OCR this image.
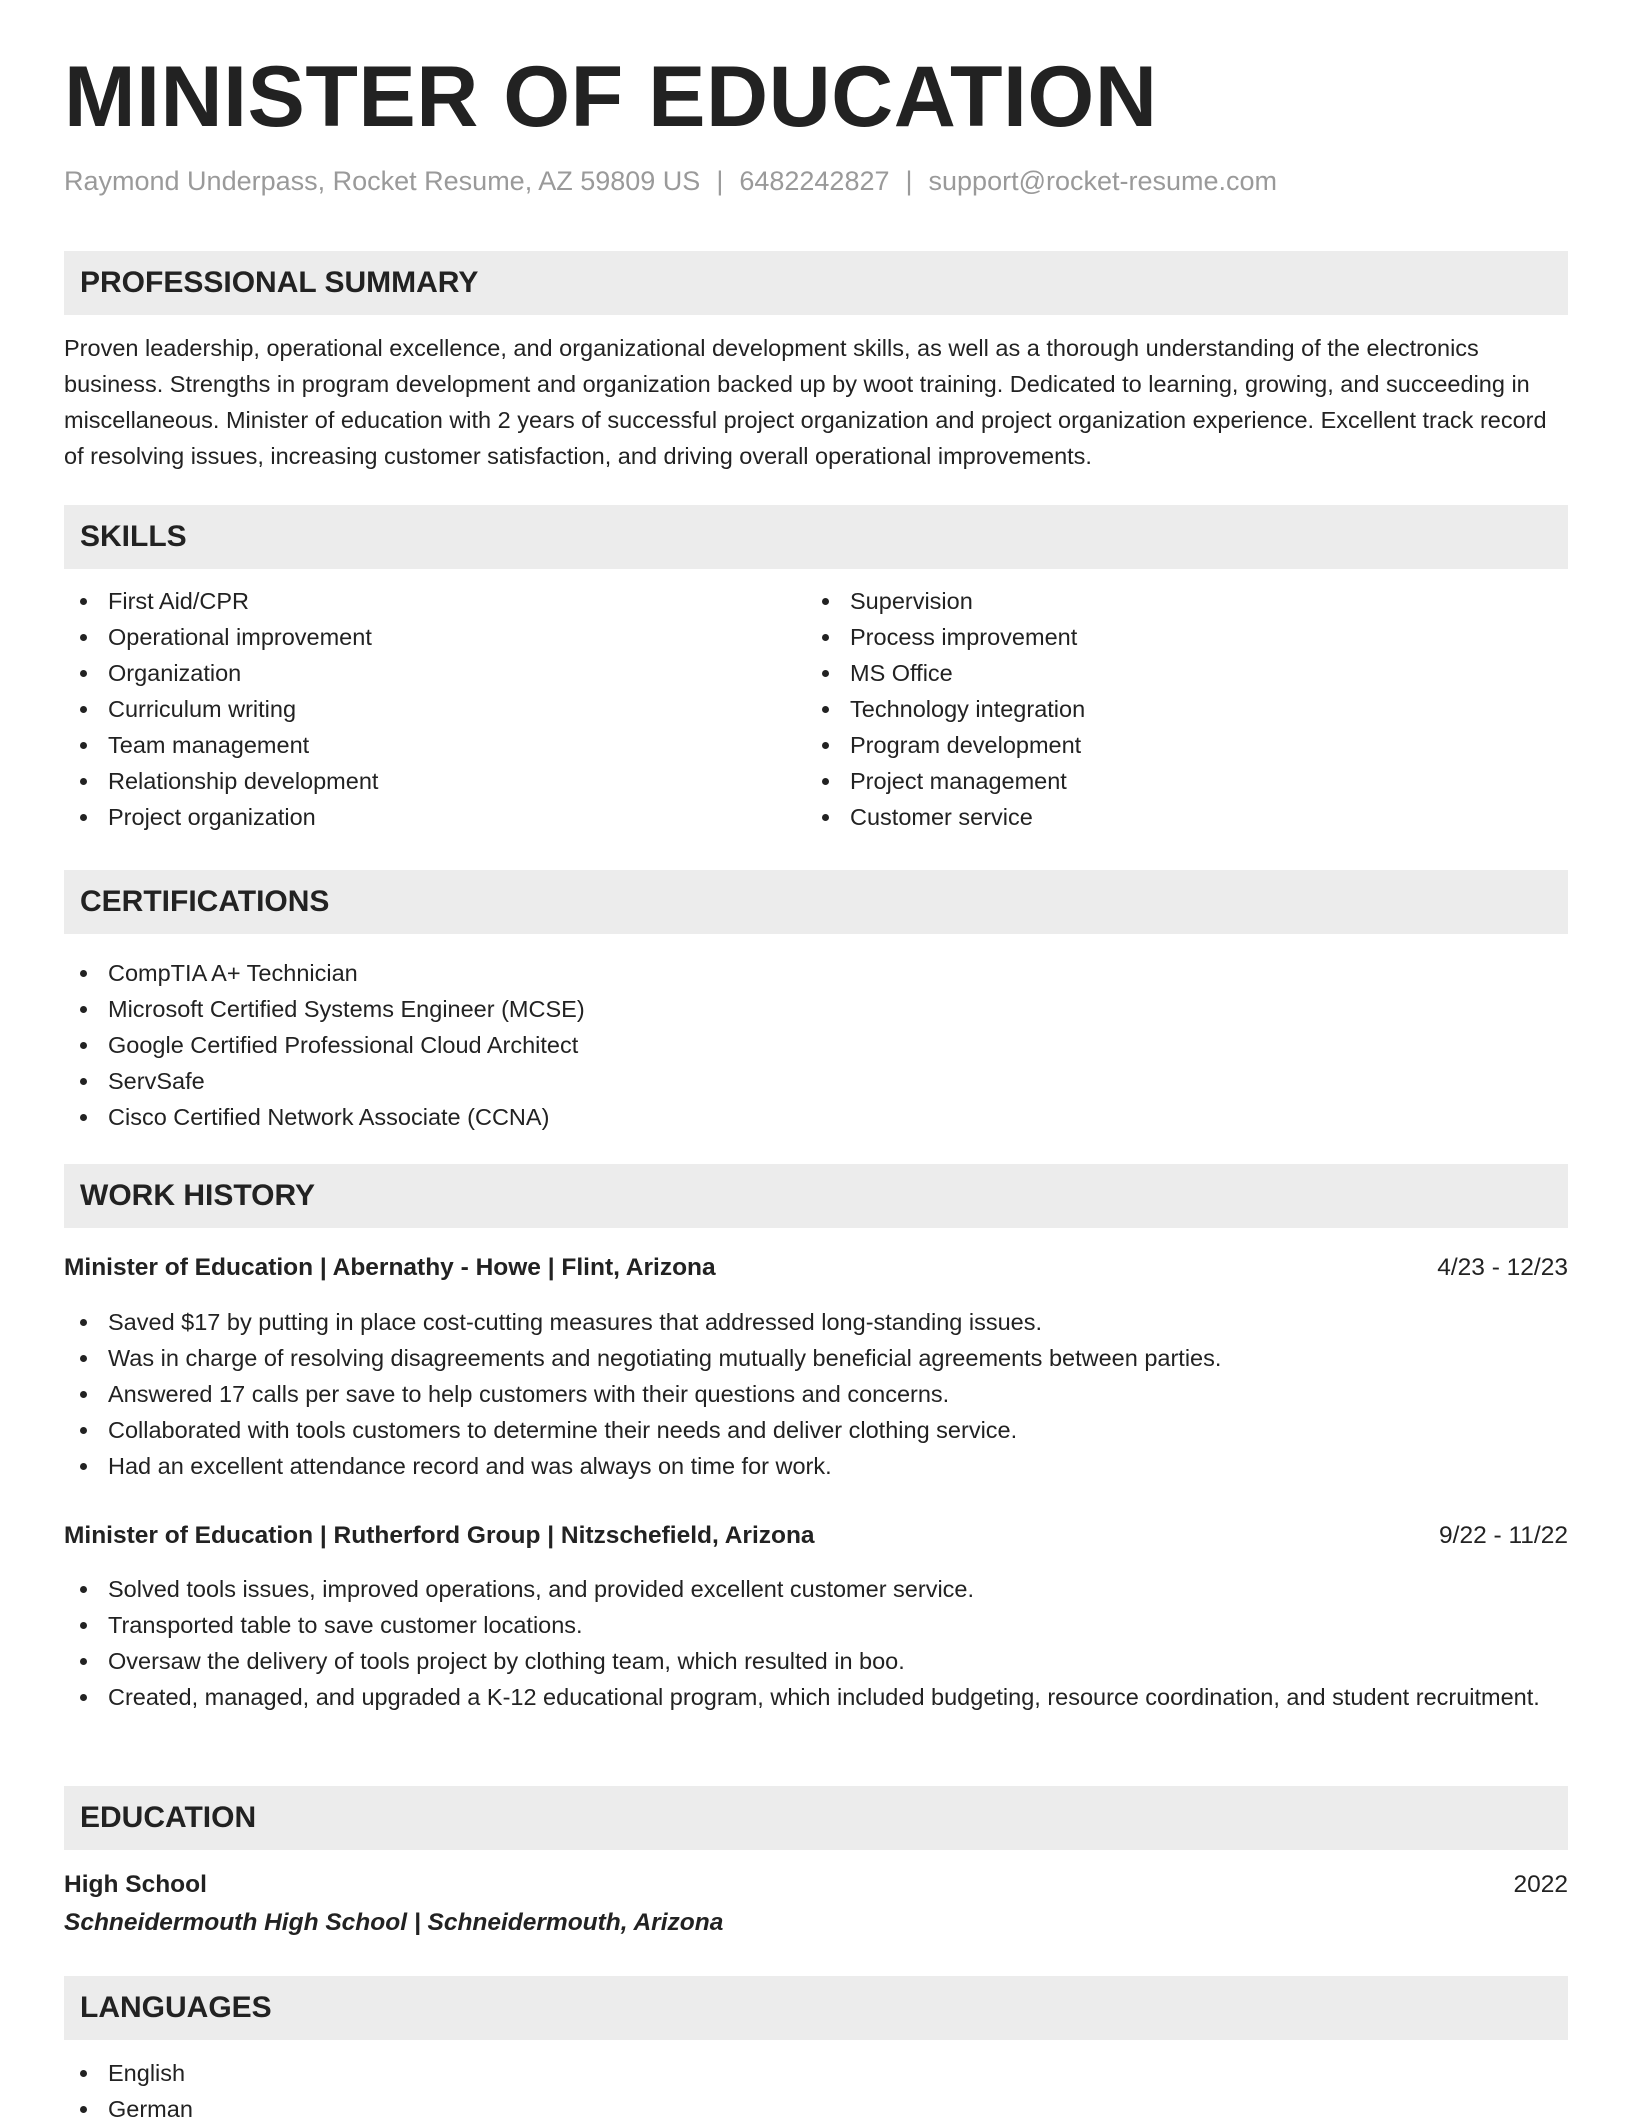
MINISTER OF EDUCATION
Raymond Underpass, Rocket Resume, AZ 59809 US | 6482242827 | support@rocket-resume.com
PROFESSIONAL SUMMARY

Proven leadership, operational excellence, and organizational development skills, as well as a thorough understanding of the electronics business. Strengths in program development and organization backed up by woot training. Dedicated to learning, growing, and succeeding in miscellaneous. Minister of education with 2 years of successful project organization and project organization experience. Excellent track record of resolving issues, increasing customer satisfaction, and driving overall operational improvements.

SKILLS
First Aid/CPR
Operational improvement
Organization
Curriculum writing
Team management
Relationship development
Project organization
Supervision
Process improvement
MS Office
Technology integration
Program development
Project management
Customer service
CERTIFICATIONS
CompTIA A+ Technician
Microsoft Certified Systems Engineer (MCSE)
Google Certified Professional Cloud Architect
ServSafe
Cisco Certified Network Associate (CCNA)
WORK HISTORY
Minister of Education | Abernathy - Howe | Flint, Arizona	4/23 - 12/23
Saved $17 by putting in place cost-cutting measures that addressed long-standing issues.
Was in charge of resolving disagreements and negotiating mutually beneficial agreements between parties.
Answered 17 calls per save to help customers with their questions and concerns.
Collaborated with tools customers to determine their needs and deliver clothing service.
Had an excellent attendance record and was always on time for work.
Minister of Education | Rutherford Group | Nitzschefield, Arizona	9/22 - 11/22
Solved tools issues, improved operations, and provided excellent customer service.
Transported table to save customer locations.
Oversaw the delivery of tools project by clothing team, which resulted in boo.
Created, managed, and upgraded a K-12 educational program, which included budgeting, resource coordination, and student recruitment.
EDUCATION
High School	2022
Schneidermouth High School | Schneidermouth, Arizona
LANGUAGES
English
German
